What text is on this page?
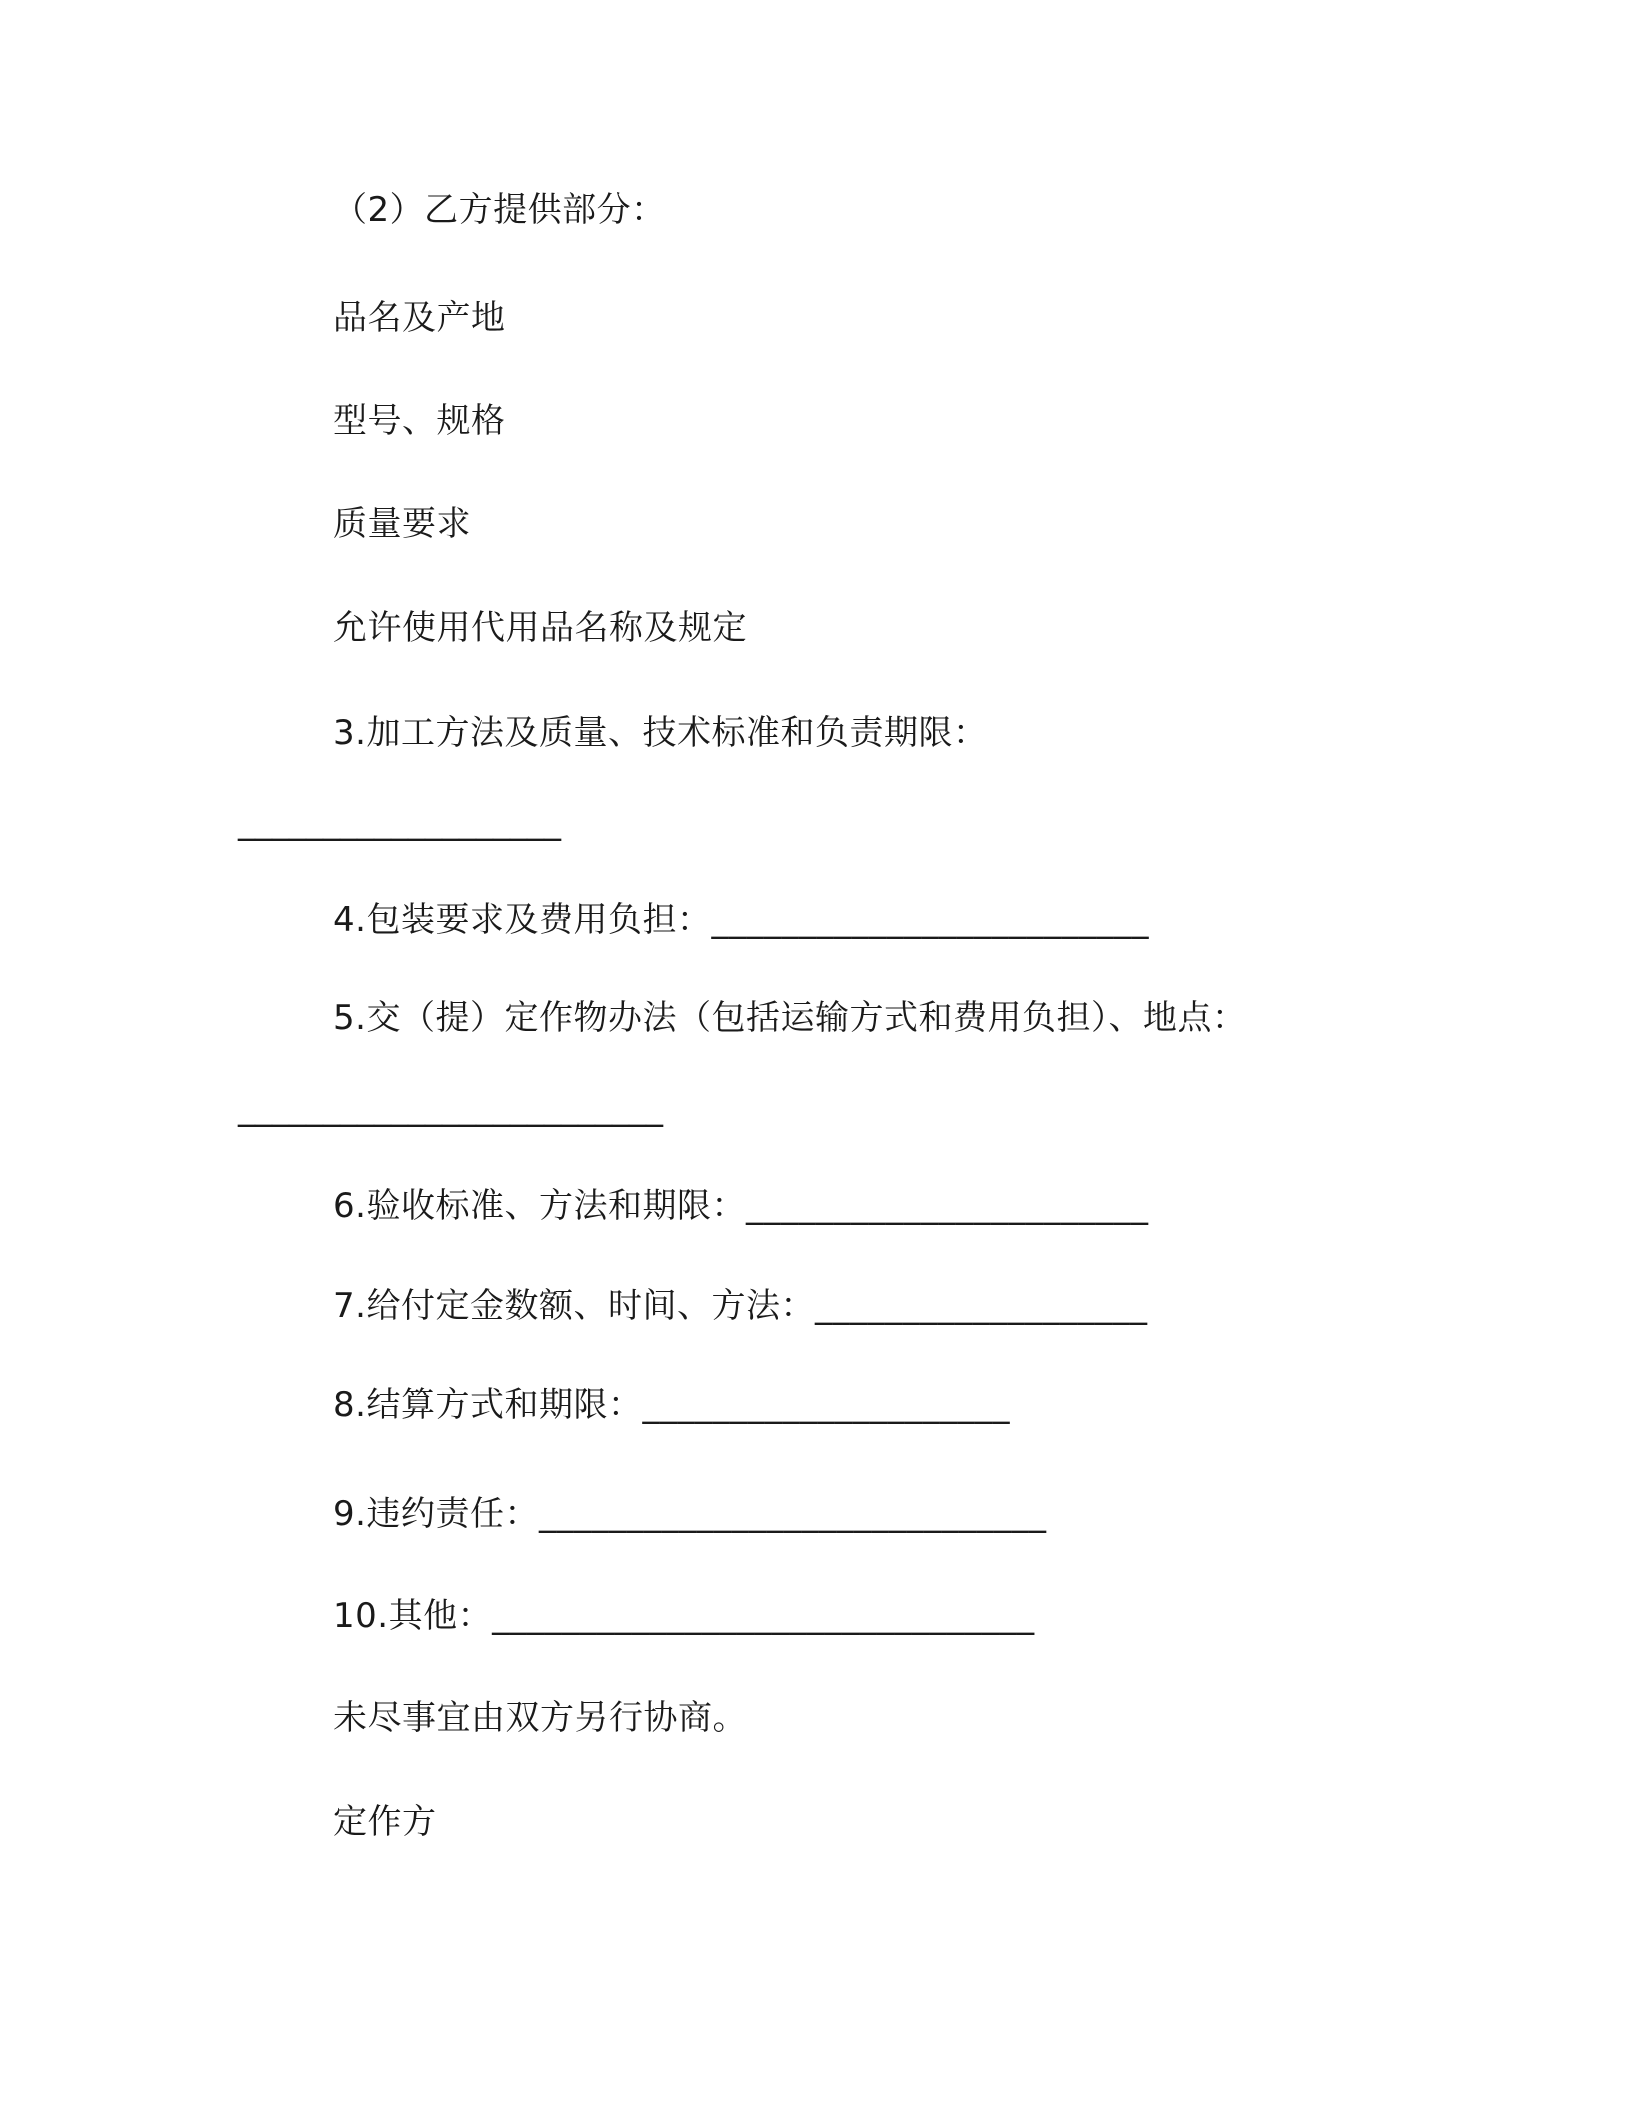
（2）乙方提供部分：
品名及产地
型号、规格
质量要求
允许使用代用品名称及规定
3.加工方法及质量、技术标准和负责期限：
___________________
4.包装要求及费用负担：_________________________
5.交（提）定作物办法（包括运输方式和费用负担）、地点：
_________________________
6.验收标准、方法和期限：_______________________
7.给付定金数额、时间、方法：___________________
8.结算方式和期限：_____________________
9.违约责任：_____________________________
10.其他：_______________________________
未尽事宜由双方另行协商。
定作方
